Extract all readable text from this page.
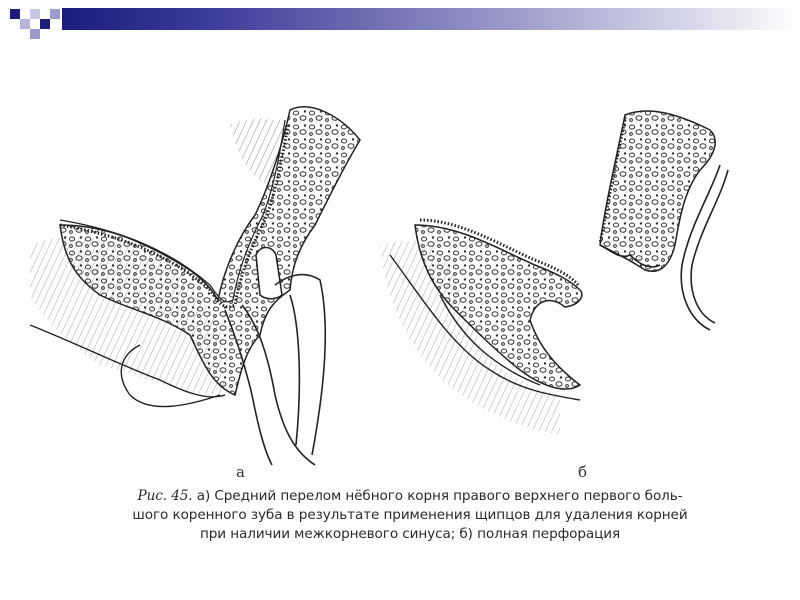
а	б
Рис. 45. а) Средний перелом нёбного корня правого верхнего первого боль-
шого коренного зуба в результате применения щипцов для удаления корней
при наличии межкорневого синуса; б) полная перфорация
